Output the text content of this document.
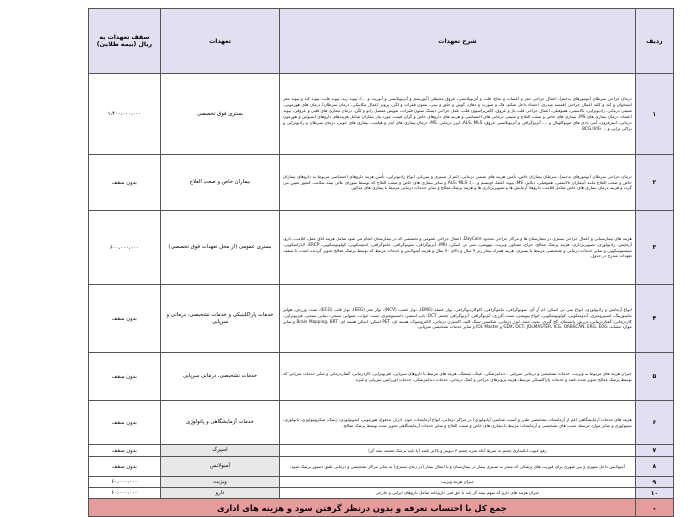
ردیف	شرح تعهدات	تعهدات	سقف تعهدات به ریال (بیمه طلایی)
۱	درمان جراحی سرطان (تومورهای بدخیم)، اعمال جراحی مغز و اعصاب و نخاع، قلب و آنژیوپلاستی، عروق محیطی (آنوریسم و آنژیوپلاستی و آنوریت و ...)، پیوند ریه، پیوند قلب، پیوند کبد و پیوند مغز استخوان و کبد و کلیه اعمال جراحی (قفسه صدری، احشاء داخل شکم، فک و صورت و دهان، گوش و حلق و بینی، ستون فقرات و لگن، پروتز اعمال مکانیکی، درمان سرطان) درمان های هورمونی، شیمی درمانی، رادیوتراپی، تالاسمی، هموفیلی، اعمال جراحی قلب باز و عروق، کاتتریزاسیون قلب، عمل جراحی دیسک ستون فقرات، تعویض مفصل زانو و لگن، درمان بیماری های قلبی و عروقی، پیوند اعضاء، درمان بیماری های MS، بیماری های خاص و صعب العلاج و شیمی درمانی های اختصاصی و هزینه های داروهای خاص و گران قیمت مورد نیاز بیماران شامل هزینه‌های داروهای انسولین و هورمون درمانی، اینترفرون، آنتی بادی های مونوکلونال و ...، آنژیوگرافی و آنژیوپلاستی عروق، ALS، MLS، لیزر درمانی، MS، درمان بیماری های ایدز و هپاتیت، بیماری های خونی، درمان سرطان و رادیوتراپی و براکی تراپی و ... BCG.IVIG	بستری فوق تخصصی	۱،۴۰۰،۰۰۰،۰۰۰
۲	درمان جراحی سرطان (تومورهای بدخیم)، سرطان بیماران خاص، تأمین هزینه های شیمی درمانی، اعم از بستری و سرپایی انواع رادیوتراپی، تأمین هزینه داروهای اختصاصی مربوط به داروهای بیماران خاص و صعب العلاج مانند (بیماران تالاسمی، هموفیلی، دیالیز، MS، پیوند اعضا، اوتیسم و ...)، ALS، MLS و سایر بیماری های خاص و صعب العلاج که توسط شورای عالی بیمه سلامت کشور تعیین می گردد و هزینه درمان بیماری های خاص شامل اقامت، داروها، آزمایش ها و تصویربرداری ها و هزینه پزشک معالج و سایر خدمات درمانی مرتبط با بیماری های مذکور.	بیماران خاص و صعب العلاج	بدون سقف
۳	هزینه های بیمارستانی و اعمال جراحی بستری در بیمارستان ها و مراکز جراحی محدود DayCare، اعمال جراحی عمومی و تخصصی که در بیمارستان انجام می شود شامل هزینه اتاق عمل، اقامت، دارو، آزمایش، رادیولوژی، تصویربرداری، هزینه پزشک معالج، جراح، مشاور، ویزیت، بیهوشی، سی تی اسکن، MRI، آنژیوگرافی، سونوگرافی، ماموگرافی، اندوسکوپی، کولونوسکوپی، ERCP، لاپاراسکوپی، سیستوسکوپی و سایر خدمات درمانی و تشخیصی مرتبط با بستری، هزینه همراه بیمار زیر ۷ سال و بالای ۷۰ سال و هزینه آمبولانس و خدمات مرتبط که توسط پزشک معالج تجویز گردیده است، تا سقف تعهدات مندرج در جدول.	بستری عمومی (از محل تعهدات فوق تخصصی)	۶۰۰،۰۰۰،۰۰۰
۴	انواع آزمایش و رادیولوژی، انواع سی تی اسکن، ام آر آی، سونوگرافی، ماموگرافی، اکوکاردیوگرافی، نوار عضله (EMG)، نوار عصب (NCV)، نوار مغز (EEG)، نوار قلب (ECG)، تست ورزش، هولتر مانیتورینگ، اسپیرومتری، آندوسکوپی، کولونوسکوپی، انواع بیوپسی، تست آلرژی، آنژیوگرافی، آنژیوگرافی چشم، OCT، پاپ اسمیر، دانسیتومتری، تست خواب، شنوایی سنجی، بینایی سنجی، فیزیوتراپی، کاردرمانی، گفتاردرمانی، تزریق، پانسمان، گچ گیری، بخیه، ختنه، لیزر درمانی، شکستن سنگ کلیه، اکسیژن درمانی، الکتروشوک، هسته ای، PET اسکن، اسکن هسته ای، Brain Mapping، BRT و سایر موارد مشابه، GDX، OCT، JOLMASTER، ICG، ORBSCAN، ERG، EOG و IOL Master و سایر خدمات تشخیصی سرپایی.	خدمات پاراکلینیکی و خدمات تشخیصی، درمانی و سرپایی	بدون سقف
۵	جبران هزینه های مربوط به ویزیت، خدمات تشخیصی و درمانی سرپایی ، دندانپزشکی، عینک، سمعک، هزینه های مرتبط با داروهای سرپایی، فیزیوتراپی، کاردرمانی، گفتاردرمانی و سایر خدمات سرپایی که توسط پزشک معالج تجویز شده باشد و خدمات پاراکلینیکی مرتبط، هزینه پروتزهای جراحی و کمک درمانی، خدمات دندانپزشکی، خدمات اورژانس سرپایی و غیره.	خدمات تشخیصی، درمانی سرپایی	بدون سقف
۶	هزینه های خدمات آزمایشگاهی اعم از آزمایشات تشخیصی طبی و آسیب شناسی (پاتولوژی) در مراکز درمانی، انواع آزمایشات خون، ادرار، مدفوع، هورمونی، ایمونولوژی، ژنتیک، میکروبیولوژی، پاتولوژی، سیتولوژی و سایر موارد مرتبط، تست های تشخیصی و آزمایشات مرتبط با بیماری های خاص و صعب العلاج و سایر خدمات آزمایشگاهی تجویز شده توسط پزشک معالج.	خدمات آزمایشگاهی و پاتولوژی	بدون سقف
۷	رفع عیوب انکساری چشم به شرط آنکه نمره چشم ۳ دیوپتر و بالاتر باشد (با تایید پزشک معتمد بیمه گر)	اسپرک	بدون سقف
۸	آمبولانس داخل شهری و بین شهری برای فوریت های پزشکی که منجر به بستری بیمار در بیمارستان و یا انتقال بیمار (در زمان بستری) به سایر مراکز تشخیصی و درمانی طبق دستور پزشک شود.	آمبولانس	بدون سقف
۹	جبران هزینه ویزیت	ویزیت	۶۰،۰۰۰،۰۰۰
۱۰	جبران هزینه های دارو که سهم بیمه گر پایه با حق فنی داروخانه شامل داروهای ایرانی و خارجی	دارو	۶۰،۰۰۰،۰۰۰
۰	جمع کل با احتساب تعرفه و بدون درنظر گرفتن سود و هزینه های اداری		
